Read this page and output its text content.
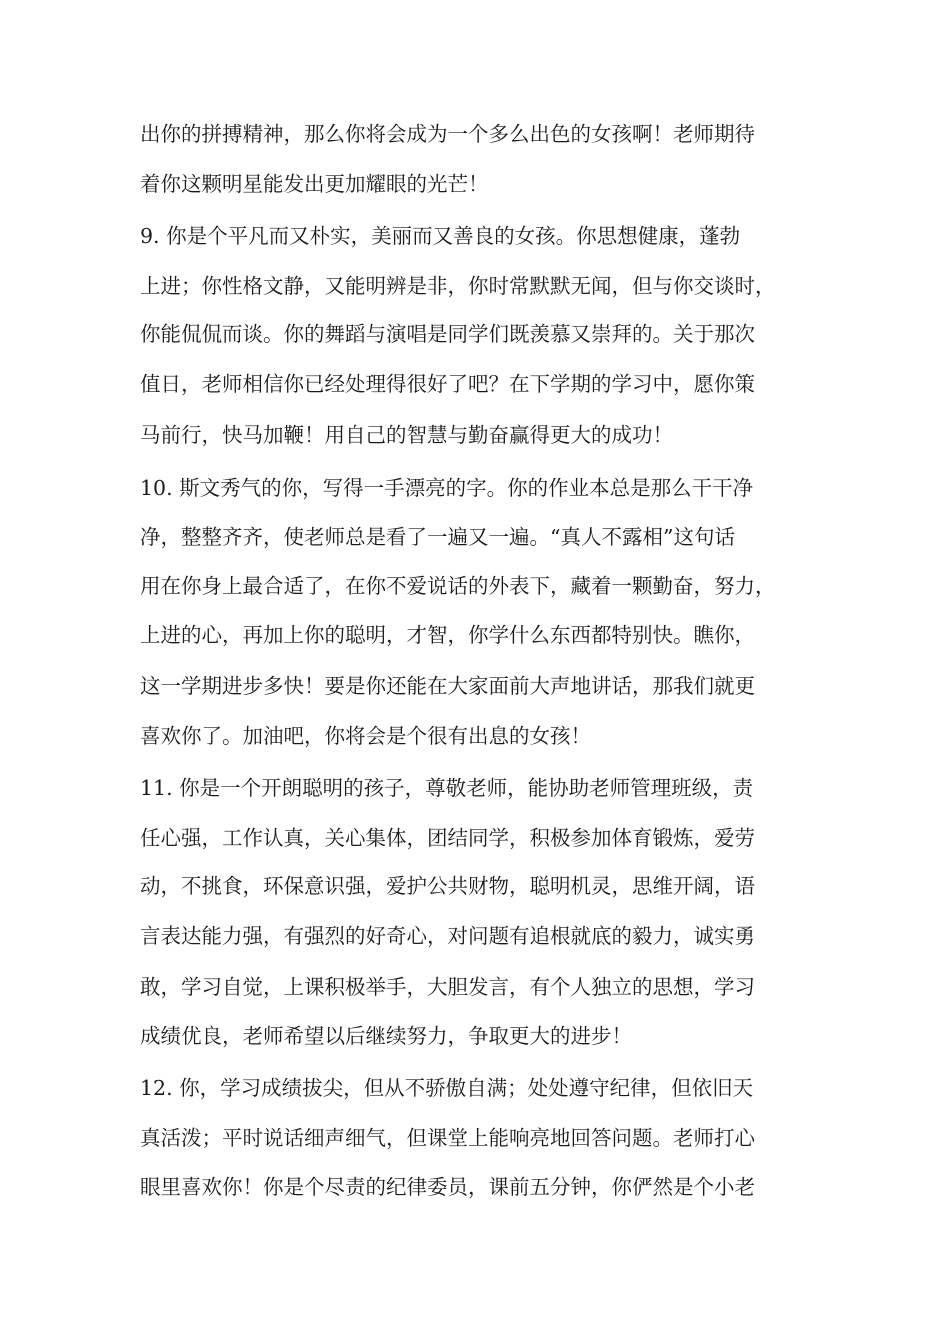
出你的拼搏精神，那么你将会成为一个多么出色的女孩啊！老师期待
着你这颗明星能发出更加耀眼的光芒！
9. 你是个平凡而又朴实，美丽而又善良的女孩。你思想健康，蓬勃
上进；你性格文静，又能明辨是非，你时常默默无闻，但与你交谈时，
你能侃侃而谈。你的舞蹈与演唱是同学们既羡慕又崇拜的。关于那次
值日，老师相信你已经处理得很好了吧？在下学期的学习中，愿你策
马前行，快马加鞭！用自己的智慧与勤奋赢得更大的成功！
10. 斯文秀气的你，写得一手漂亮的字。你的作业本总是那么干干净
净，整整齐齐，使老师总是看了一遍又一遍。“真人不露相”这句话
用在你身上最合适了，在你不爱说话的外表下，藏着一颗勤奋，努力，
上进的心，再加上你的聪明，才智，你学什么东西都特别快。瞧你，
这一学期进步多快！要是你还能在大家面前大声地讲话，那我们就更
喜欢你了。加油吧，你将会是个很有出息的女孩！
11. 你是一个开朗聪明的孩子，尊敬老师，能协助老师管理班级，责
任心强，工作认真，关心集体，团结同学，积极参加体育锻炼，爱劳
动，不挑食，环保意识强，爱护公共财物，聪明机灵，思维开阔，语
言表达能力强，有强烈的好奇心，对问题有追根就底的毅力，诚实勇
敢，学习自觉，上课积极举手，大胆发言，有个人独立的思想，学习
成绩优良，老师希望以后继续努力，争取更大的进步！
12. 你，学习成绩拔尖，但从不骄傲自满；处处遵守纪律，但依旧天
真活泼；平时说话细声细气，但课堂上能响亮地回答问题。老师打心
眼里喜欢你！你是个尽责的纪律委员，课前五分钟，你俨然是个小老
